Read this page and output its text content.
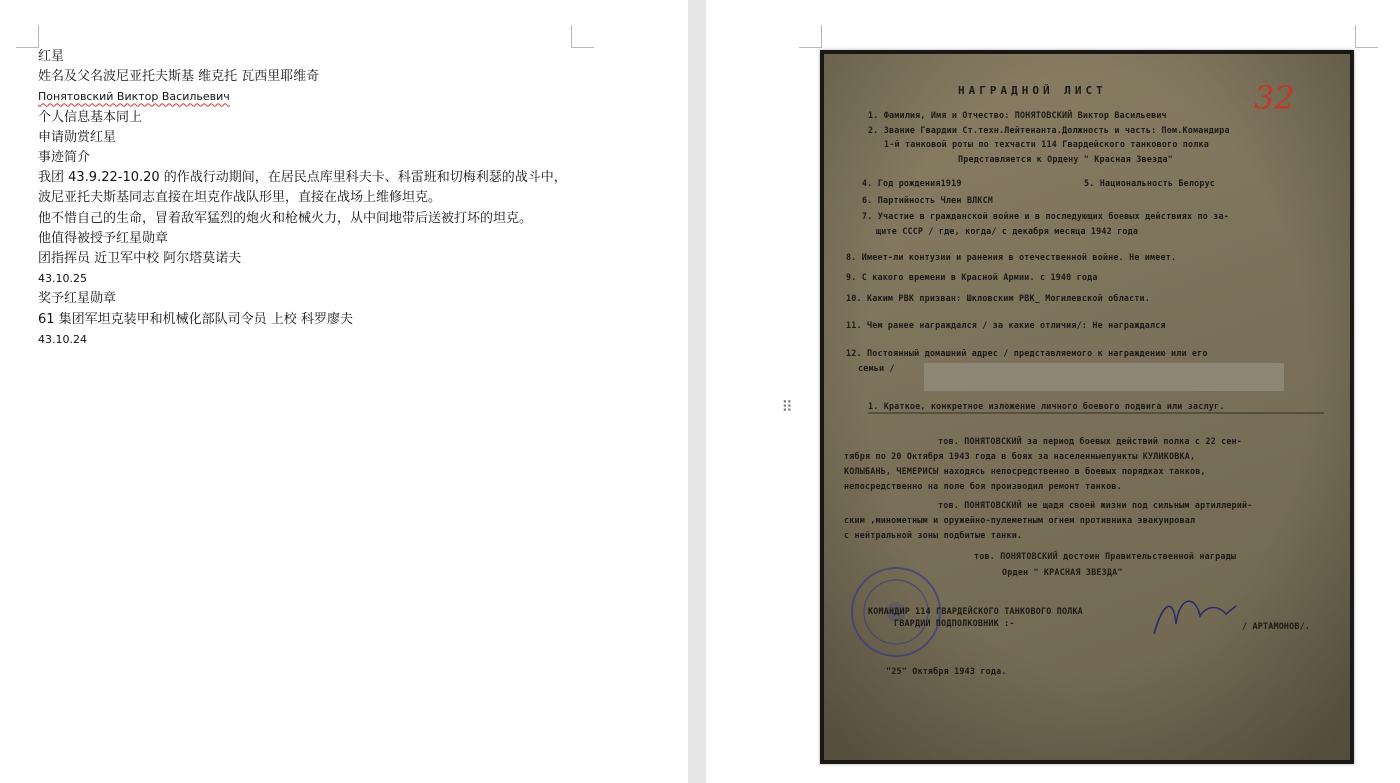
红星
姓名及父名波尼亚托夫斯基 维克托 瓦西里耶维奇
Понятовский Виктор Васильевич
个人信息基本同上
申请勋赏红星
事迹简介
我团 43.9.22-10.20 的作战行动期间，在居民点库里科夫卡、科雷班和切梅利瑟的战斗中，
波尼亚托夫斯基同志直接在坦克作战队形里，直接在战场上维修坦克。
他不惜自己的生命，冒着敌军猛烈的炮火和枪械火力，从中间地带后送被打坏的坦克。
他值得被授予红星勋章
团指挥员 近卫军中校 阿尔塔莫诺夫
43.10.25
奖予红星勋章
61 集团军坦克装甲和机械化部队司令员 上校 科罗廖夫
43.10.24
⠿
НАГРАДНОЙ ЛИСТ	32
1. Фамилия, Имя и Отчество: ПОНЯТОВСКИЙ Виктор Васильевич
2. Звание Гвардии Ст.техн.Лейтенанта.Должность и часть: Пом.Командира
1-й танковой роты по техчасти 114 Гвардейского танкового полка
Представляется к Ордену " Красная Звезда"
4. Год рождения1919	5. Национальность Белорус
6. Партийность Член ВЛКСМ
7. Участие в гражданской войне и в последующих боевых действиях по за-
щите СССР / где, когда/ с декабря месяца 1942 года
8. Имеет-ли контузии и ранения в отечественной войне. Не имеет.
9. С какого времени в Красной Армии. с 1940 года
10. Каким РВК призван: Шкловским РВК_ Могилевской области.
11. Чем ранее награждался / за какие отличия/: Не награждался
12. Постоянный домашний адрес / представляемого к награждению или его
семьи /
1. Краткое, конкретное изложение личного боевого подвига или заслуг.
тов. ПОНЯТОВСКИЙ за период боевых действий полка с 22 сен-
тября по 20 Октября 1943 года в боях за населенныепункты КУЛИКОВКА,
КОЛЫБАНЬ, ЧЕМЕРИСЫ находясь непосредственно в боевых порядках танков,
непосредственно на поле боя производил ремонт танков.
тов. ПОНЯТОВСКИЙ не щадя своей жизни под сильным артиллерий-
ским ,минометным и оружейно-пулеметным огнем противника эвакуировал
с нейтральной зоны подбитые танки.
тов. ПОНЯТОВСКИЙ достоин Правительственной награды
Орден " КРАСНАЯ ЗВЕЗДА"
КОМАНДИР 114 ГВАРДЕЙСКОГО ТАНКОВОГО ПОЛКА
ГВАРДИИ ПОДПОЛКОВНИК :-	/ АРТАМОНОВ/.
"25" Октября 1943 года.
